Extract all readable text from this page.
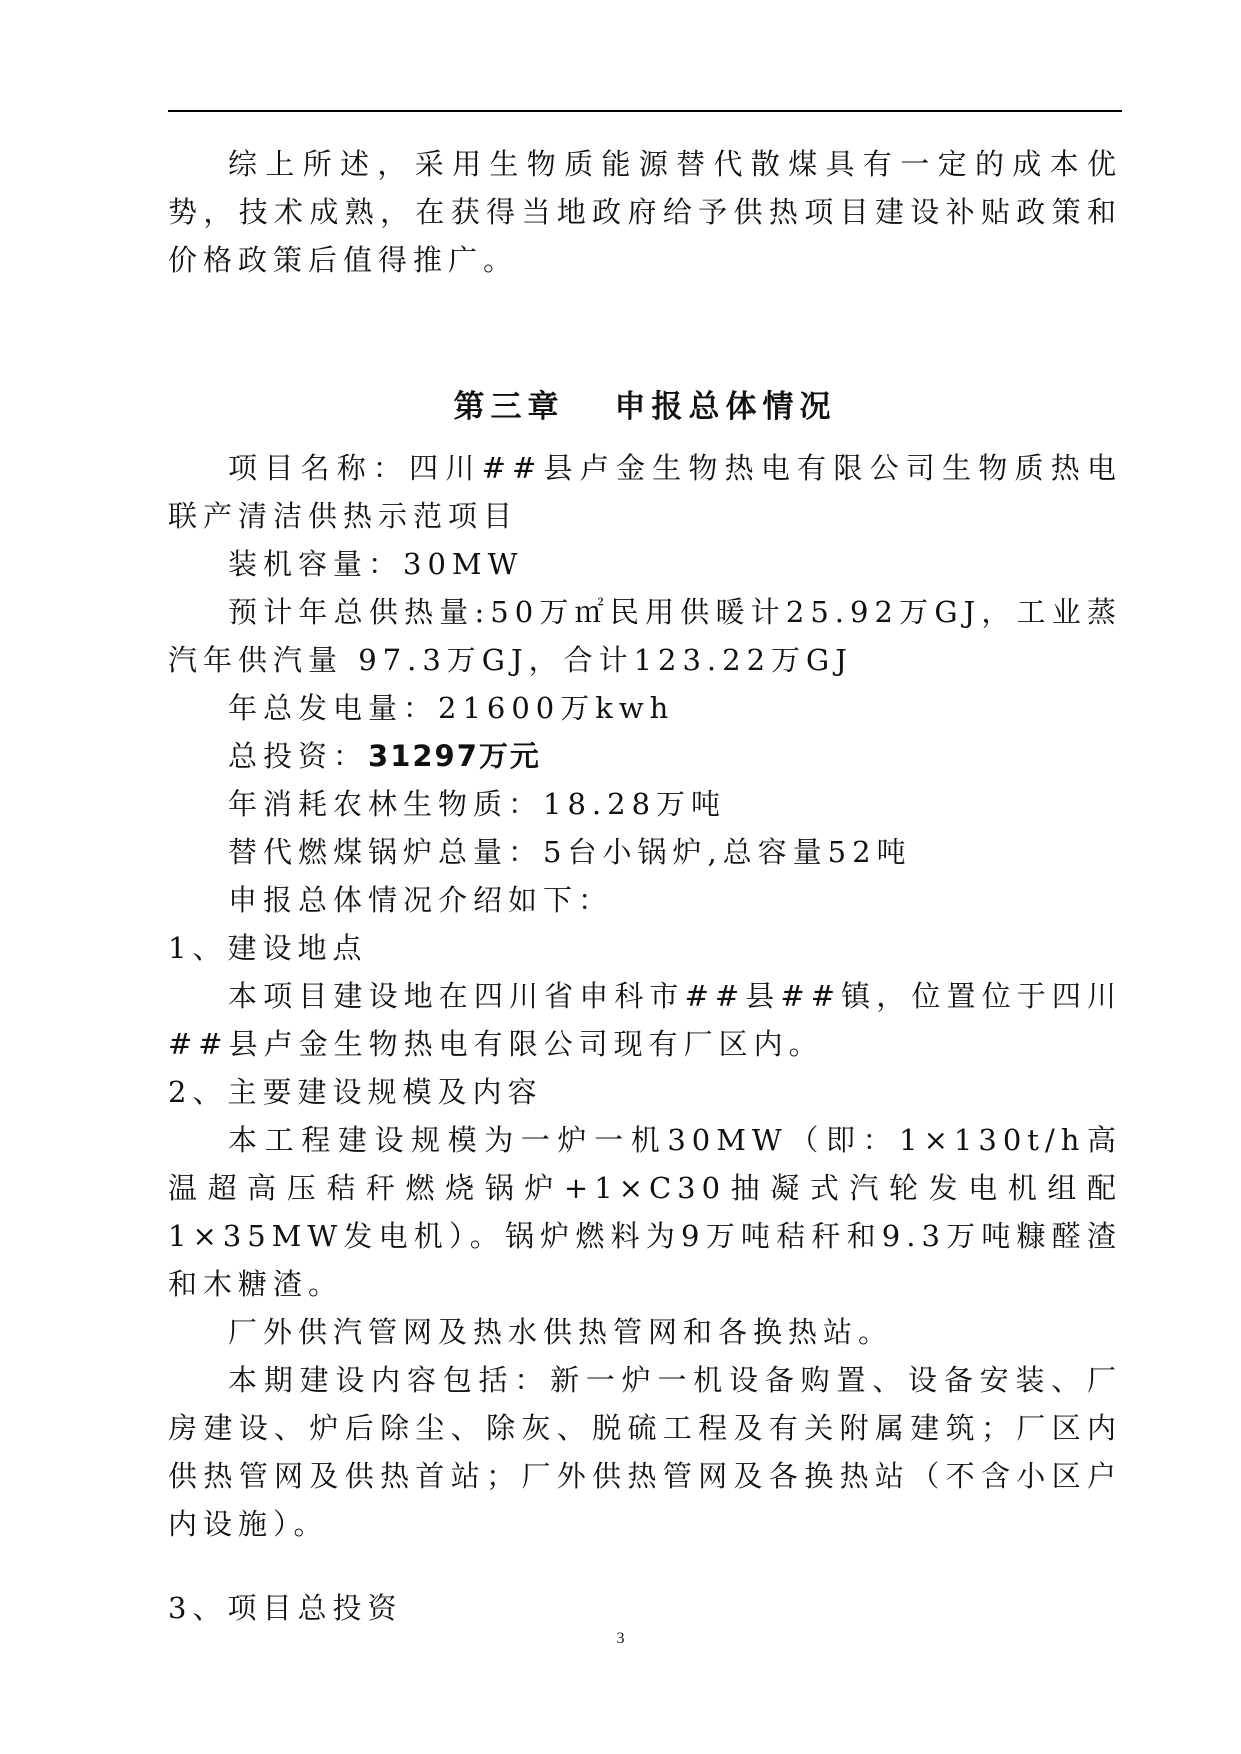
综上所述，采用生物质能源替代散煤具有一定的成本优势，技术成熟，在获得当地政府给予供热项目建设补贴政策和价格政策后值得推广。

第三章 申报总体情况

项目名称：四川##县卢金生物热电有限公司生物质热电联产清洁供热示范项目

装机容量：30MW

预计年总供热量:50万㎡民用供暖计25.92万GJ，工业蒸汽年供汽量 97.3万GJ，合计123.22万GJ

年总发电量：21600万kwh

总投资：31297万元

年消耗农林生物质：18.28万吨

替代燃煤锅炉总量：5台小锅炉,总容量52吨

申报总体情况介绍如下：

1、建设地点

本项目建设地在四川省申科市##县##镇，位置位于四川##县卢金生物热电有限公司现有厂区内。

2、主要建设规模及内容

本工程建设规模为一炉一机30MW（即：1×130t/h高温超高压秸秆燃烧锅炉+1×C30抽凝式汽轮发电机组配1×35MW发电机）。锅炉燃料为9万吨秸秆和9.3万吨糠醛渣和木糖渣。

厂外供汽管网及热水供热管网和各换热站。

本期建设内容包括：新一炉一机设备购置、设备安装、厂房建设、炉后除尘、除灰、脱硫工程及有关附属建筑；厂区内供热管网及供热首站；厂外供热管网及各换热站（不含小区户内设施）。

3、项目总投资

3
